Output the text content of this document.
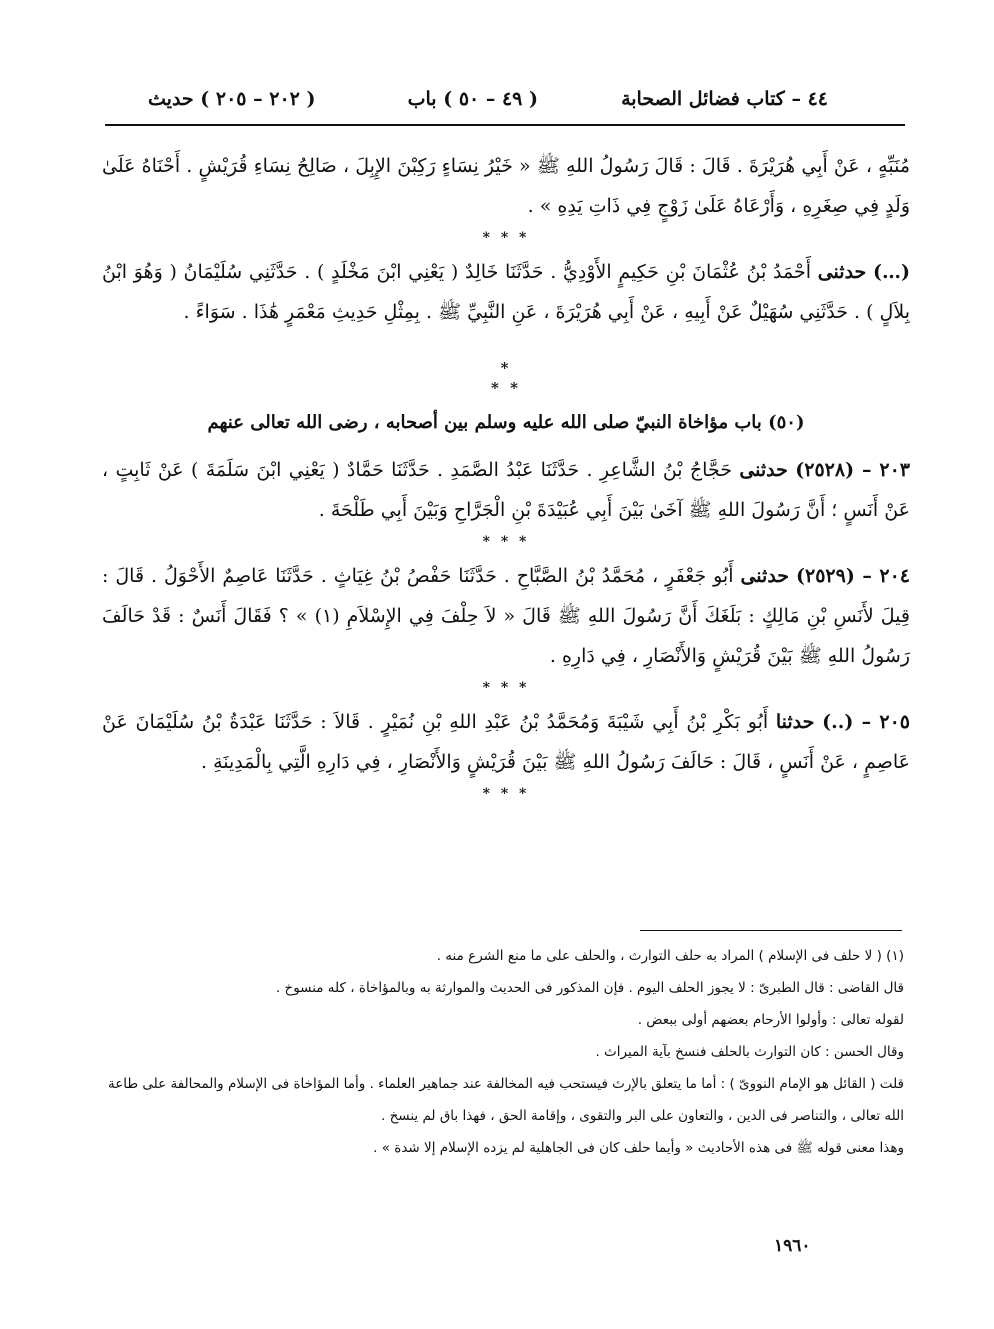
٤٤ – كتاب فضائل الصحابة
( ٤٩ – ٥٠ ) باب
( ٢٠٢ – ٢٠٥ ) حديث

مُنَبِّهٍ ، عَنْ أَبِي هُرَيْرَةَ . قَالَ : قَالَ رَسُولُ اللهِ ﷺ « خَيْرُ نِسَاءٍ رَكِبْنَ الإِبِلَ ، صَالِحُ نِسَاءِ قُرَيْشٍ . أَحْنَاهُ عَلَىٰ وَلَدٍ فِي صِغَرِهِ ، وَأَرْعَاهُ عَلَىٰ زَوْجٍ فِي ذَاتِ يَدِهِ » .

* * *

(…) حدثنى أَحْمَدُ بْنُ عُثْمَانَ بْنِ حَكِيمٍ الأَوْدِيُّ . حَدَّثَنَا خَالِدٌ ( يَعْنِي ابْنَ مَخْلَدٍ ) . حَدَّثَنِي سُلَيْمَانُ ( وَهُوَ ابْنُ بِلاَلٍ ) . حَدَّثَنِي سُهَيْلٌ عَنْ أَبِيهِ ، عَنْ أَبِي هُرَيْرَةَ ، عَنِ النَّبِيِّ ﷺ . بِمِثْلِ حَدِيثِ مَعْمَرٍ هَٰذَا . سَوَاءً .

*
* *
(٥٠) باب مؤاخاة النبيّ صلى الله عليه وسلم بين أصحابه ، رضى الله تعالى عنهم

٢٠٣ – (٢٥٢٨) حدثنى حَجَّاجُ بْنُ الشَّاعِرِ . حَدَّثَنَا عَبْدُ الصَّمَدِ . حَدَّثَنَا حَمَّادٌ ( يَعْنِي ابْنَ سَلَمَةَ ) عَنْ ثَابِتٍ ، عَنْ أَنَسٍ ؛ أَنَّ رَسُولَ اللهِ ﷺ آخَىٰ بَيْنَ أَبِي عُبَيْدَةَ بْنِ الْجَرَّاحِ وَبَيْنَ أَبِي طَلْحَةَ .

* * *

٢٠٤ – (٢٥٢٩) حدثنى أَبُو جَعْفَرٍ ، مُحَمَّدُ بْنُ الصَّبَّاحِ . حَدَّثَنَا حَفْصُ بْنُ غِيَاثٍ . حَدَّثَنَا عَاصِمٌ الأَحْوَلُ . قَالَ : قِيلَ لأَنَسِ بْنِ مَالِكٍ : بَلَغَكَ أَنَّ رَسُولَ اللهِ ﷺ قَالَ « لاَ حِلْفَ فِي الإِسْلاَمِ (١) » ؟ فَقَالَ أَنَسٌ : قَدْ حَالَفَ رَسُولُ اللهِ ﷺ بَيْنَ قُرَيْشٍ وَالأَنْصَارِ ، فِي دَارِهِ .

* * *

٢٠٥ – (..) حدثنا أَبُو بَكْرِ بْنُ أَبِي شَيْبَةَ وَمُحَمَّدُ بْنُ عَبْدِ اللهِ بْنِ نُمَيْرٍ . قَالاَ : حَدَّثَنَا عَبْدَةُ بْنُ سُلَيْمَانَ عَنْ عَاصِمٍ ، عَنْ أَنَسٍ ، قَالَ : حَالَفَ رَسُولُ اللهِ ﷺ بَيْنَ قُرَيْشٍ وَالأَنْصَارِ ، فِي دَارِهِ الَّتِي بِالْمَدِينَةِ .

* * *

(١) ( لا حلف فى الإسلام ) المراد به حلف التوارث ، والحلف على ما منع الشرع منه .

قال القاضى : قال الطبرىّ : لا يجوز الحلف اليوم . فإن المذكور فى الحديث والموارثة به وبالمؤاخاة ، كله منسوخ .

لقوله تعالى : وأولوا الأرحام بعضهم أولى ببعض .

وقال الحسن : كان التوارث بالحلف فنسخ بآية الميراث .

قلت ( القائل هو الإمام النووىّ ) : أما ما يتعلق بالإرث فيستحب فيه المخالفة عند جماهير العلماء . وأما المؤاخاة فى الإسلام والمحالفة على طاعة الله تعالى ، والتناصر فى الدين ، والتعاون على البر والتقوى ، وإقامة الحق ، فهذا باق لم ينسخ .

وهذا معنى قوله ﷺ فى هذه الأحاديث « وأيما حلف كان فى الجاهلية لم يزده الإسلام إلا شدة » .

١٩٦٠
